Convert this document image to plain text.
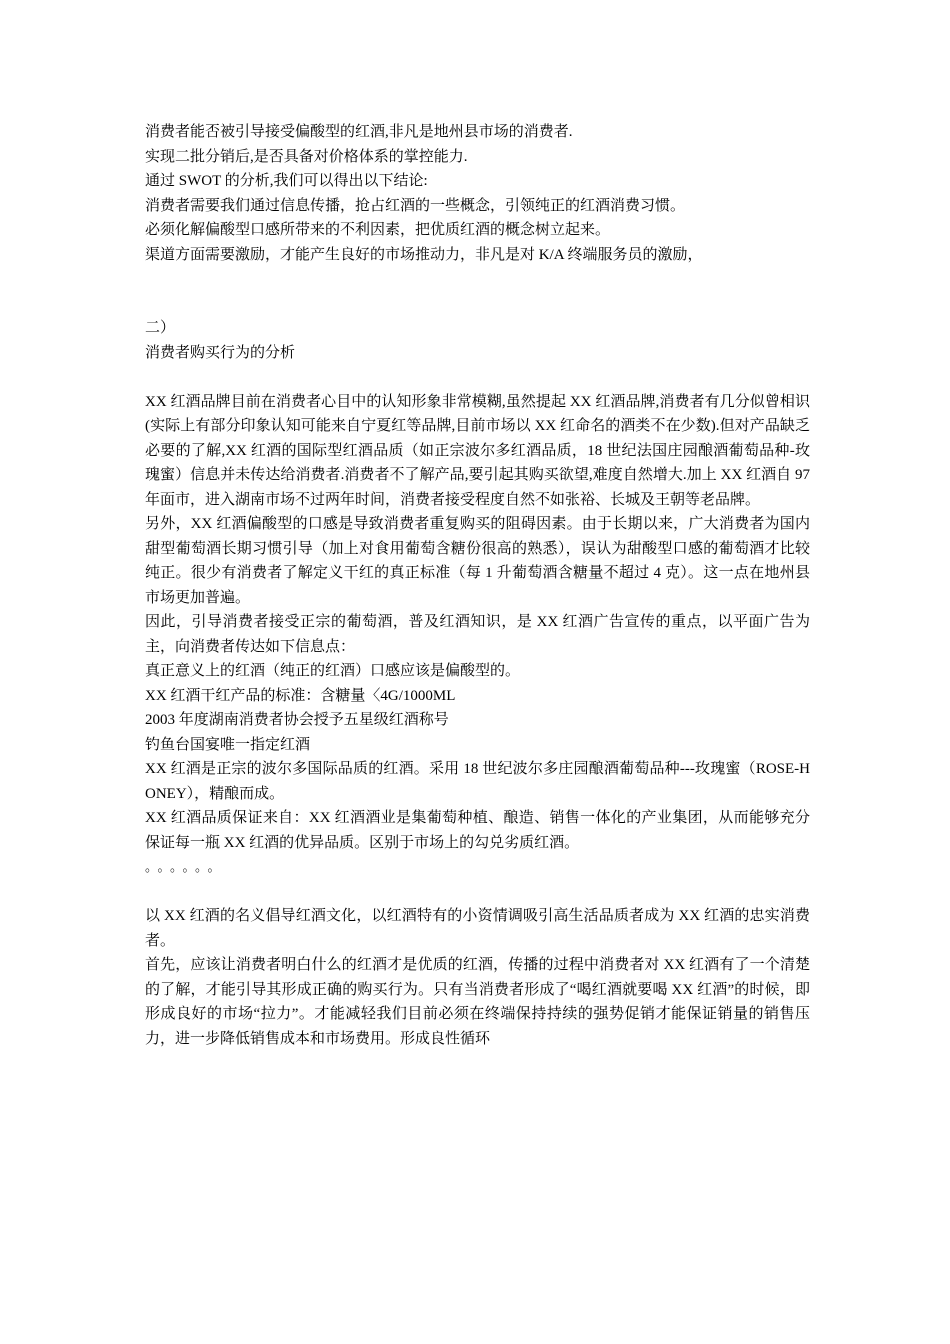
消费者能否被引导接受偏酸型的红酒,非凡是地州县市场的消费者.

实现二批分销后,是否具备对价格体系的掌控能力.

通过 SWOT 的分析,我们可以得出以下结论:

消费者需要我们通过信息传播，抢占红酒的一些概念，引领纯正的红酒消费习惯。

必须化解偏酸型口感所带来的不利因素，把优质红酒的概念树立起来。

渠道方面需要激励，才能产生良好的市场推动力，非凡是对 K/A 终端服务员的激励，

二）

消费者购买行为的分析

XX 红酒品牌目前在消费者心目中的认知形象非常模糊,虽然提起 XX 红酒品牌,消费者有几分似曾相识(实际上有部分印象认知可能来自宁夏红等品牌,目前市场以 XX 红命名的酒类不在少数).但对产品缺乏必要的了解,XX 红酒的国际型红酒品质（如正宗波尔多红酒品质，18 世纪法国庄园酿酒葡萄品种-玫瑰蜜）信息并未传达给消费者.消费者不了解产品,要引起其购买欲望,难度自然增大.加上 XX 红酒自 97 年面市，进入湖南市场不过两年时间，消费者接受程度自然不如张裕、长城及王朝等老品牌。

另外，XX 红酒偏酸型的口感是导致消费者重复购买的阻碍因素。由于长期以来，广大消费者为国内甜型葡萄酒长期习惯引导（加上对食用葡萄含糖份很高的熟悉），误认为甜酸型口感的葡萄酒才比较纯正。很少有消费者了解定义干红的真正标准（每 1 升葡萄酒含糖量不超过 4 克）。这一点在地州县市场更加普遍。

因此，引导消费者接受正宗的葡萄酒，普及红酒知识，是 XX 红酒广告宣传的重点，以平面广告为主，向消费者传达如下信息点：

真正意义上的红酒（纯正的红酒）口感应该是偏酸型的。

XX 红酒干红产品的标准：含糖量〈4G/1000ML

2003 年度湖南消费者协会授予五星级红酒称号

钓鱼台国宴唯一指定红酒

XX 红酒是正宗的波尔多国际品质的红酒。采用 18 世纪波尔多庄园酿酒葡萄品种---玫瑰蜜（ROSE-HONEY），精酿而成。

XX 红酒品质保证来自：XX 红酒酒业是集葡萄种植、酿造、销售一体化的产业集团，从而能够充分保证每一瓶 XX 红酒的优异品质。区别于市场上的勾兑劣质红酒。

。。。。。。

以 XX 红酒的名义倡导红酒文化，以红酒特有的小资情调吸引高生活品质者成为 XX 红酒的忠实消费者。

首先，应该让消费者明白什么的红酒才是优质的红酒，传播的过程中消费者对 XX 红酒有了一个清楚的了解，才能引导其形成正确的购买行为。只有当消费者形成了“喝红酒就要喝 XX 红酒”的时候，即形成良好的市场“拉力”。才能减轻我们目前必须在终端保持持续的强势促销才能保证销量的销售压力，进一步降低销售成本和市场费用。形成良性循环
